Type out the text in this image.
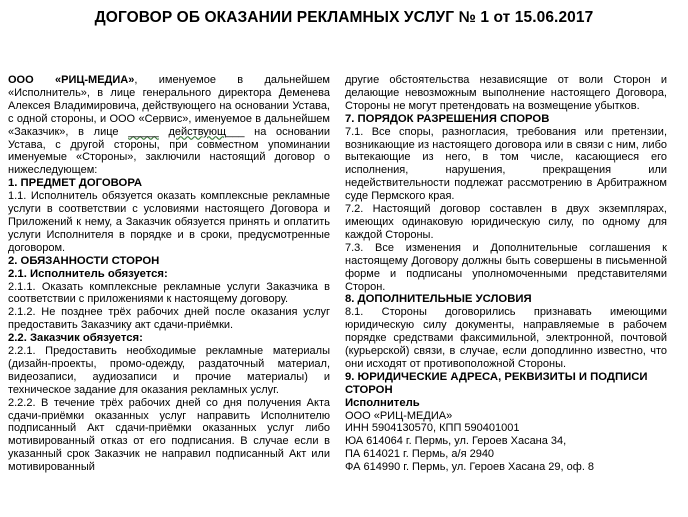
ДОГОВОР ОБ ОКАЗАНИИ РЕКЛАМНЫХ УСЛУГ № 1 от 15.06.2017

ООО «РИЦ-МЕДИА», именуемое в дальнейшем «Исполнитель», в лице генерального директора Деменева Алексея Владимировича, действующего на основании Устава, с одной стороны, и ООО «Сервис», именуемое в дальнейшем «Заказчик», в лице _____ действующ___ на основании Устава, с другой стороны, при совместном упоминании именуемые «Стороны», заключили настоящий договор о нижеследующем:

1. ПРЕДМЕТ ДОГОВОРА

1.1. Исполнитель обязуется оказать комплексные рекламные услуги в соответствии с условиями настоящего Договора и Приложений к нему, а Заказчик обязуется принять и оплатить услуги Исполнителя в порядке и в сроки, предусмотренные договором.

2. ОБЯЗАННОСТИ СТОРОН

2.1. Исполнитель обязуется:

2.1.1. Оказать комплексные рекламные услуги Заказчика в соответствии с приложениями к настоящему договору.

2.1.2. Не позднее трёх рабочих дней после оказания услуг предоставить Заказчику акт сдачи-приёмки.

2.2. Заказчик обязуется:

2.2.1. Предоставить необходимые рекламные материалы (дизайн-проекты, промо-одежду, раздаточный материал, видеозаписи, аудиозаписи и прочие материалы) и техническое задание для оказания рекламных услуг.

2.2.2. В течение трёх рабочих дней со дня получения Акта сдачи-приёмки оказанных услуг направить Исполнителю подписанный Акт сдачи-приёмки оказанных услуг либо мотивированный отказ от его подписания. В случае если в указанный срок Заказчик не направил подписанный Акт или мотивированный

другие обстоятельства независящие от воли Сторон и делающие невозможным выполнение настоящего Договора, Стороны не могут претендовать на возмещение убытков.

7. ПОРЯДОК РАЗРЕШЕНИЯ СПОРОВ

7.1. Все споры, разногласия, требования или претензии, возникающие из настоящего договора или в связи с ним, либо вытекающие из него, в том числе, касающиеся его исполнения, нарушения, прекращения или недействительности подлежат рассмотрению в Арбитражном суде Пермского края.

7.2. Настоящий договор составлен в двух экземплярах, имеющих одинаковую юридическую силу, по одному для каждой Стороны.

7.3. Все изменения и Дополнительные соглашения к настоящему Договору должны быть совершены в письменной форме и подписаны уполномоченными представителями Сторон.

8. ДОПОЛНИТЕЛЬНЫЕ УСЛОВИЯ

8.1. Стороны договорились признавать имеющими юридическую силу документы, направляемые в рабочем порядке средствами факсимильной, электронной, почтовой (курьерской) связи, в случае, если доподлинно известно, что они исходят от противоположной Стороны.

9. ЮРИДИЧЕСКИЕ АДРЕСА, РЕКВИЗИТЫ И ПОДПИСИ СТОРОН

Исполнитель

ООО «РИЦ-МЕДИА»

ИНН 5904130570, КПП 590401001

ЮА 614064 г. Пермь, ул. Героев Хасана 34,

ПА 614021 г. Пермь, а/я 2940

ФА 614990 г. Пермь, ул. Героев Хасана 29, оф. 8
